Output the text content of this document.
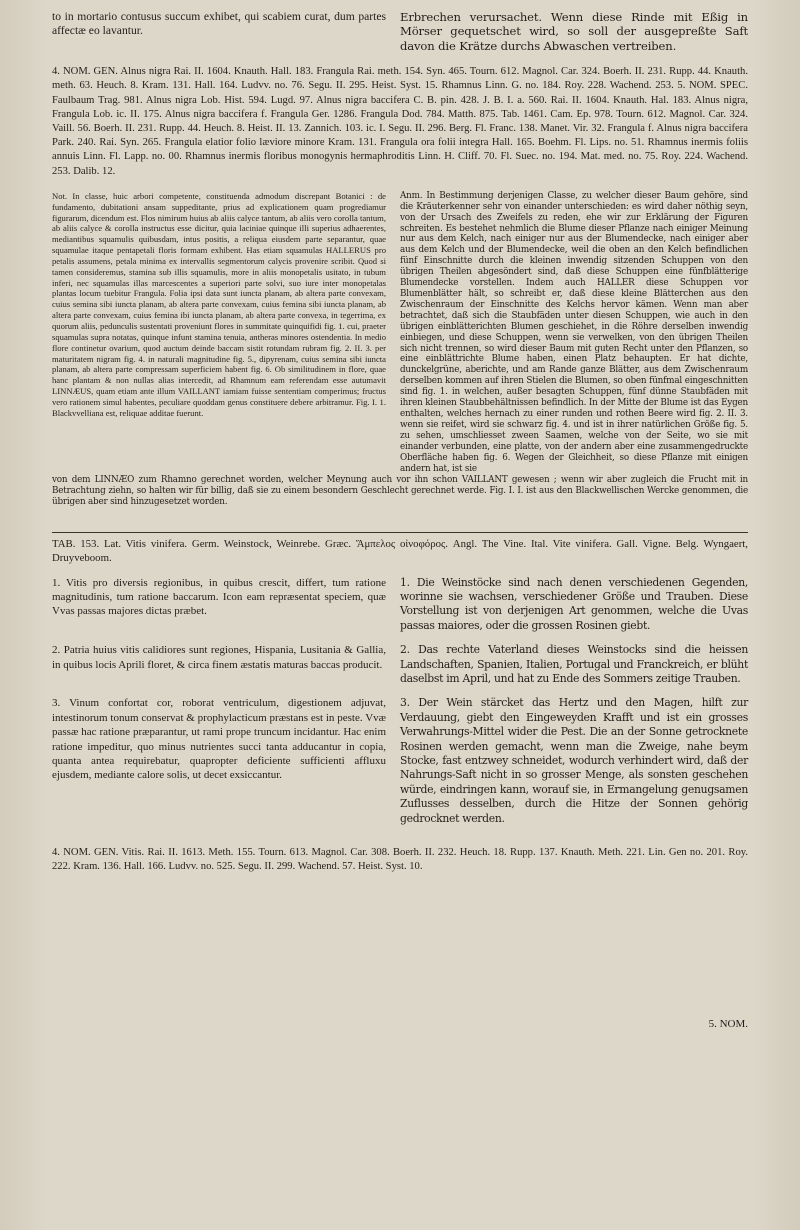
to in mortario contusus succum exhibet, qui scabiem curat, dum partes affectæ eo lavantur.

Erbrechen verursachet. Wenn diese Rinde mit Eßig in Mörser gequetschet wird, so soll der ausgepreßte Saft davon die Krätze durchs Abwaschen vertreiben.

4. NOM. GEN. Alnus nigra Rai. II. 1604. Knauth. Hall. 183. Frangula Rai. meth. 154. Syn. 465. Tourn. 612. Magnol. Car. 324. Boerh. II. 231. Rupp. 44. Knauth. meth. 63. Heuch. 8. Kram. 131. Hall. 164. Ludvv. no. 76. Segu. II. 295. Heist. Syst. 15. Rhamnus Linn. G. no. 184. Roy. 228. Wachend. 253. 5. NOM. SPEC. Faulbaum Trag. 981. Alnus nigra Lob. Hist. 594. Lugd. 97. Alnus nigra baccifera C. B. pin. 428. J. B. I. a. 560. Rai. II. 1604. Knauth. Hal. 183. Alnus nigra, Frangula Lob. ic. II. 175. Alnus nigra baccifera f. Frangula Ger. 1286. Frangula Dod. 784. Matth. 875. Tab. 1461. Cam. Ep. 978. Tourn. 612. Magnol. Car. 324. Vaill. 56. Boerh. II. 231. Rupp. 44. Heuch. 8. Heist. II. 13. Zannich. 103. ic. I. Segu. II. 296. Berg. Fl. Franc. 138. Manet. Vir. 32. Frangula f. Alnus nigra baccifera Park. 240. Rai. Syn. 265. Frangula elatior folio læviore minore Kram. 131. Frangula ora folii integra Hall. 165. Boehm. Fl. Lips. no. 51. Rhamnus inermis foliis annuis Linn. Fl. Lapp. no. 00. Rhamnus inermis floribus monogynis hermaphroditis Linn. H. Cliff. 70. Fl. Suec. no. 194. Mat. med. no. 75. Roy. 224. Wachend. 253. Dalib. 12.

Not. In classe, huic arbori competente, constituenda admodum discrepant Botanici : de fundamento, dubitationi ansam suppeditante, prius ad explicationem quam progrediamur figurarum, dicendum est. Flos nimirum huius ab aliis calyce tantum, ab aliis vero corolla tantum, ab aliis calyce & corolla instructus esse dicitur, quia laciniae quinque illi superius adhaerentes, mediantibus squamulis quibusdam, intus positis, a reliqua eiusdem parte separantur, quae squamulae itaque pentapetali floris formam exhibent. Has etiam squamulas HALLERUS pro petalis assumens, petala minima ex intervallis segmentorum calycis provenire scribit. Quod si tamen consideremus, stamina sub illis squamulis, more in aliis monopetalis usitato, in tubum inferi, nec squamulas illas marcescentes a superiori parte solvi, suo iure inter monopetalas plantas locum tuebitur Frangula. Folia ipsi data sunt iuncta planam, ab altera parte convexam, cuius semina sibi iuncta planam, ab altera parte convexam, cuius femina sibi iuncta planam, ab altera parte convexam, cuius femina ibi iuncta planam, ab altera parte convexa, in tegerrima, ex quorum aliis, pedunculis sustentati proveniunt flores in summitate quinquifidi fig. 1. cui, praeter squamulas supra notatas, quinque infunt stamina tenuia, antheras minores ostendentia. In medio flore continetur ovarium, quod auctum deinde baccam sistit rotundam rubram fig. 2. II. 3. per maturitatem nigram fig. 4. in naturali magnitudine fig. 5., dipyrenam, cuius semina sibi iuncta planam, ab altera parte compressam superficiem habent fig. 6. Ob similitudinem in flore, quae hanc plantam & non nullas alias intercedit, ad Rhamnum eam referendam esse autumavit LINNÆUS, quam etiam ante illum VAILLANT iamiam fuisse sententiam comperimus; fructus vero rationem simul habentes, peculiare quoddam genus constituere debere arbitramur. Fig. I. 1. Blackvvelliana est, reliquae additae fuerunt.

Anm. In Bestimmung derjenigen Classe, zu welcher dieser Baum gehöre, sind die Kräuterkenner sehr von einander unterschieden: es wird daher nöthig seyn, von der Ursach des Zweifels zu reden, ehe wir zur Erklärung der Figuren schreiten. Es bestehet nehmlich die Blume dieser Pflanze nach einiger Meinung nur aus dem Kelch, nach einiger nur aus der Blumendecke, nach einiger aber aus dem Kelch und der Blumendecke, weil die oben an den Kelch befindlichen fünf Einschnitte durch die kleinen inwendig sitzenden Schuppen von den übrigen Theilen abgesöndert sind, daß diese Schuppen eine fünfblätterige Blumendecke vorstellen. Indem auch HALLER diese Schuppen vor Blumenblätter hält, so schreibt er, daß diese kleine Blätterchen aus den Zwischenraum der Einschnitte des Kelchs hervor kämen. Wenn man aber betrachtet, daß sich die Staubfäden unter diesen Schuppen, wie auch in den übrigen einblätterichten Blumen geschiehet, in die Röhre derselben inwendig einbiegen, und diese Schuppen, wenn sie verwelken, von den übrigen Theilen sich nicht trennen, so wird dieser Baum mit guten Recht unter den Pflanzen, so eine einblättrichte Blume haben, einen Platz behaupten. Er hat dichte, dunckelgrüne, aberichte, und am Rande ganze Blätter, aus dem Zwischenraum derselben kommen auf ihren Stielen die Blumen, so oben fünfmal eingeschnitten sind fig. 1. in welchen, außer besagten Schuppen, fünf dünne Staubfäden mit ihren kleinen Staubbehältnissen befindlich. In der Mitte der Blume ist das Eygen enthalten, welches hernach zu einer runden und rothen Beere wird fig. 2. II. 3. wenn sie reifet, wird sie schwarz fig. 4. und ist in ihrer natürlichen Größe fig. 5. zu sehen, umschliesset zween Saamen, welche von der Seite, wo sie mit einander verbunden, eine platte, von der andern aber eine zusammengedruckte Oberfläche haben fig. 6. Wegen der Gleichheit, so diese Pflanze mit einigen andern hat, ist sie

von dem LINNÆO zum Rhamno gerechnet worden, welcher Meynung auch vor ihn schon VAILLANT gewesen ; wenn wir aber zugleich die Frucht mit in Betrachtung ziehn, so halten wir für billig, daß sie zu einem besondern Geschlecht gerechnet werde. Fig. I. I. ist aus den Blackwellischen Wercke genommen, die übrigen aber sind hinzugesetzet worden.

TAB. 153. Lat. Vitis vinifera. Germ. Weinstock, Weinrebe. Græc. Ἄμπελος οἰνοφόρος. Angl. The Vine. Ital. Vite vinifera. Gall. Vigne. Belg. Wyngaert, Druyveboom.

1. Vitis pro diversis regionibus, in quibus crescit, differt, tum ratione magnitudinis, tum ratione baccarum. Icon eam repræsentat speciem, quæ Vvas passas majores dictas præbet.

1. Die Weinstöcke sind nach denen verschiedenen Gegenden, worinne sie wachsen, verschiedener Größe und Trauben. Diese Vorstellung ist von derjenigen Art genommen, welche die Uvas passas maiores, oder die grossen Rosinen giebt.

2. Patria huius vitis calidiores sunt regiones, Hispania, Lusitania & Gallia, in quibus locis Aprili floret, & circa finem æstatis maturas baccas producit.

2. Das rechte Vaterland dieses Weinstocks sind die heissen Landschaften, Spanien, Italien, Portugal und Franckreich, er blüht daselbst im April, und hat zu Ende des Sommers zeitige Trauben.

3. Vinum confortat cor, roborat ventriculum, digestionem adjuvat, intestinorum tonum conservat & prophylacticum præstans est in peste. Vvæ passæ hac ratione præparantur, ut rami prope truncum incidantur. Hac enim ratione impeditur, quo minus nutrientes succi tanta adducantur in copia, quanta antea requirebatur, quapropter deficiente sufficienti affluxu ejusdem, mediante calore solis, ut decet exsiccantur.

3. Der Wein stärcket das Hertz und den Magen, hilft zur Verdauung, giebt den Eingeweyden Krafft und ist ein grosses Verwahrungs-Mittel wider die Pest. Die an der Sonne getrocknete Rosinen werden gemacht, wenn man die Zweige, nahe beym Stocke, fast entzwey schneidet, wodurch verhindert wird, daß der Nahrungs-Saft nicht in so grosser Menge, als sonsten geschehen würde, eindringen kann, worauf sie, in Ermangelung genugsamen Zuflusses desselben, durch die Hitze der Sonnen gehörig gedrocknet werden.

4. NOM. GEN. Vitis. Rai. II. 1613. Meth. 155. Tourn. 613. Magnol. Car. 308. Boerh. II. 232. Heuch. 18. Rupp. 137. Knauth. Meth. 221. Lin. Gen no. 201. Roy. 222. Kram. 136. Hall. 166. Ludvv. no. 525. Segu. II. 299. Wachend. 57. Heist. Syst. 10.

5. NOM.
